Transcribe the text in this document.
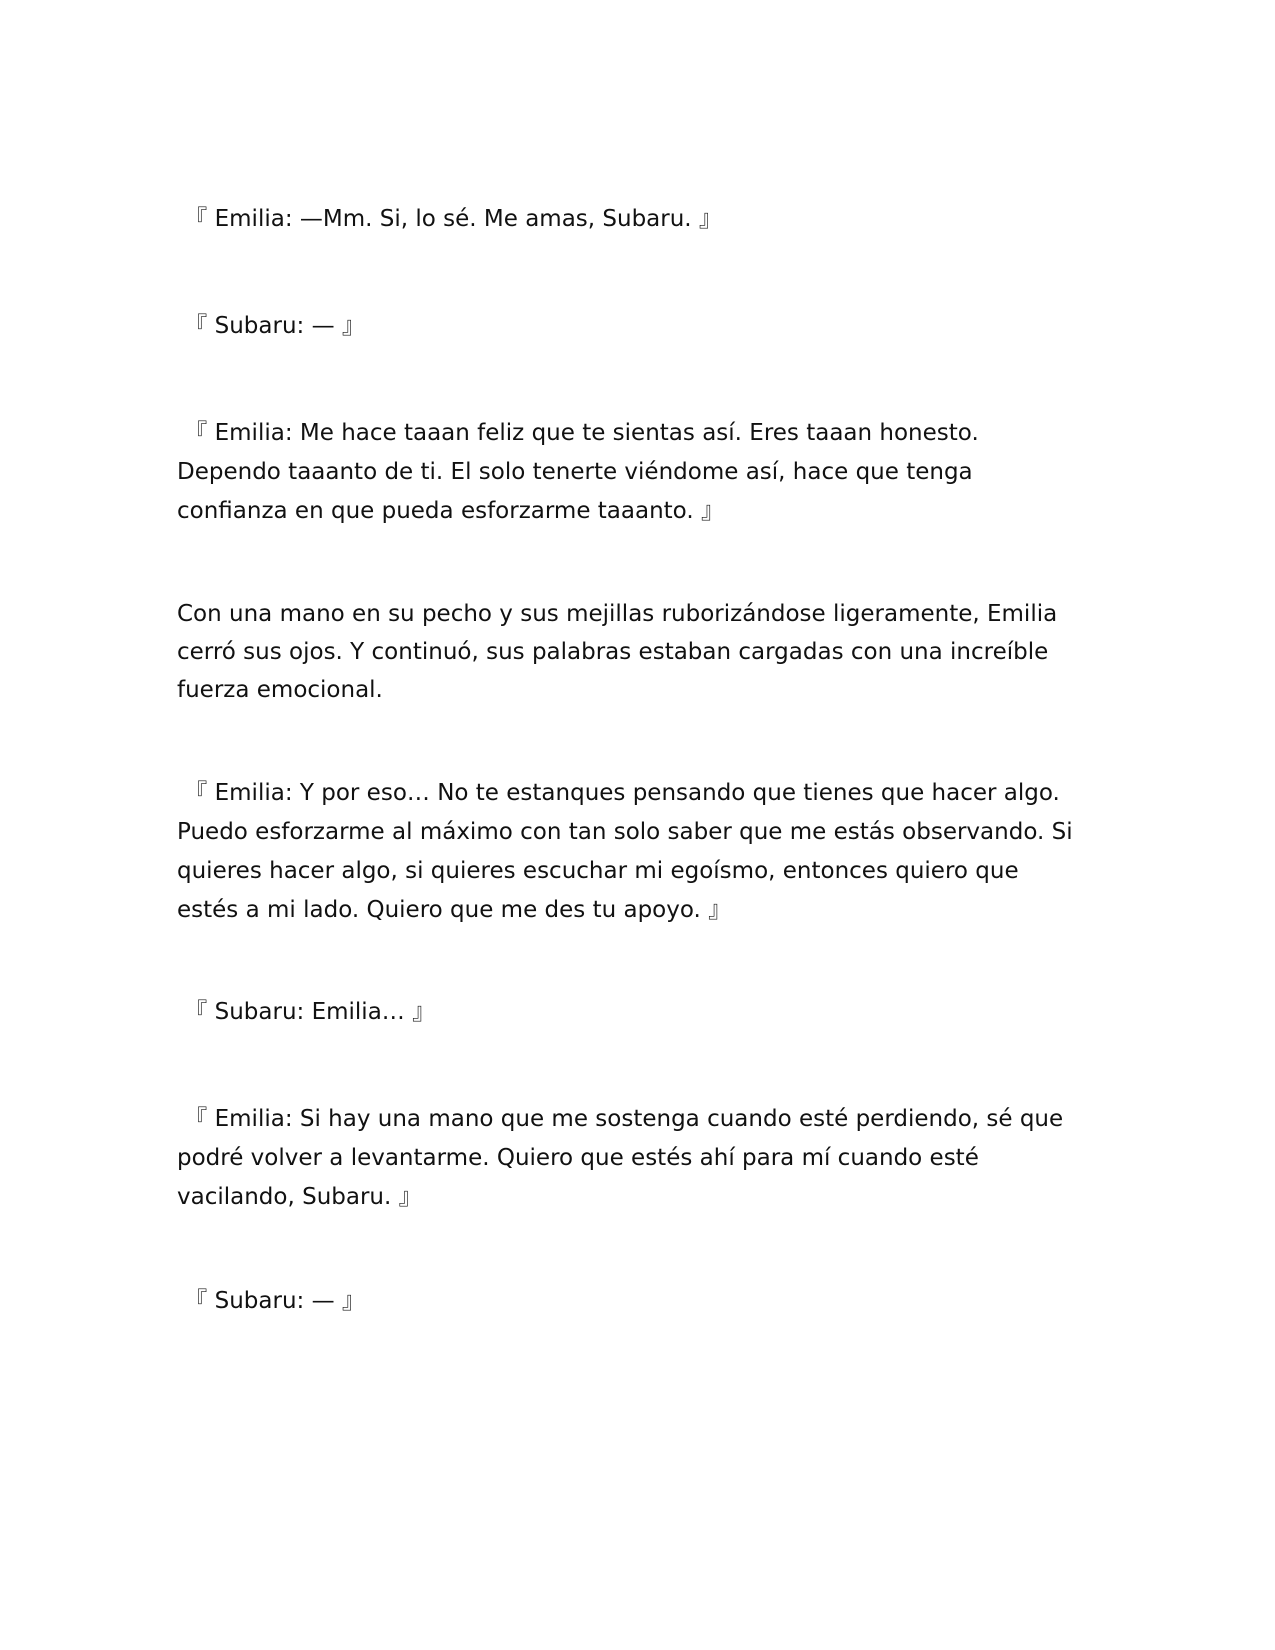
『 Emilia: —Mm. Si, lo sé. Me amas, Subaru. 』

『 Subaru: — 』

『 Emilia: Me hace taaan feliz que te sientas así. Eres taaan honesto.
Dependo taaanto de ti. El solo tenerte viéndome así, hace que tenga
confianza en que pueda esforzarme taaanto. 』

Con una mano en su pecho y sus mejillas ruborizándose ligeramente, Emilia
cerró sus ojos. Y continuó, sus palabras estaban cargadas con una increíble
fuerza emocional.

『 Emilia: Y por eso… No te estanques pensando que tienes que hacer algo.
Puedo esforzarme al máximo con tan solo saber que me estás observando. Si
quieres hacer algo, si quieres escuchar mi egoísmo, entonces quiero que
estés a mi lado. Quiero que me des tu apoyo. 』

『 Subaru: Emilia… 』

『 Emilia: Si hay una mano que me sostenga cuando esté perdiendo, sé que
podré volver a levantarme. Quiero que estés ahí para mí cuando esté
vacilando, Subaru. 』

『 Subaru: — 』
